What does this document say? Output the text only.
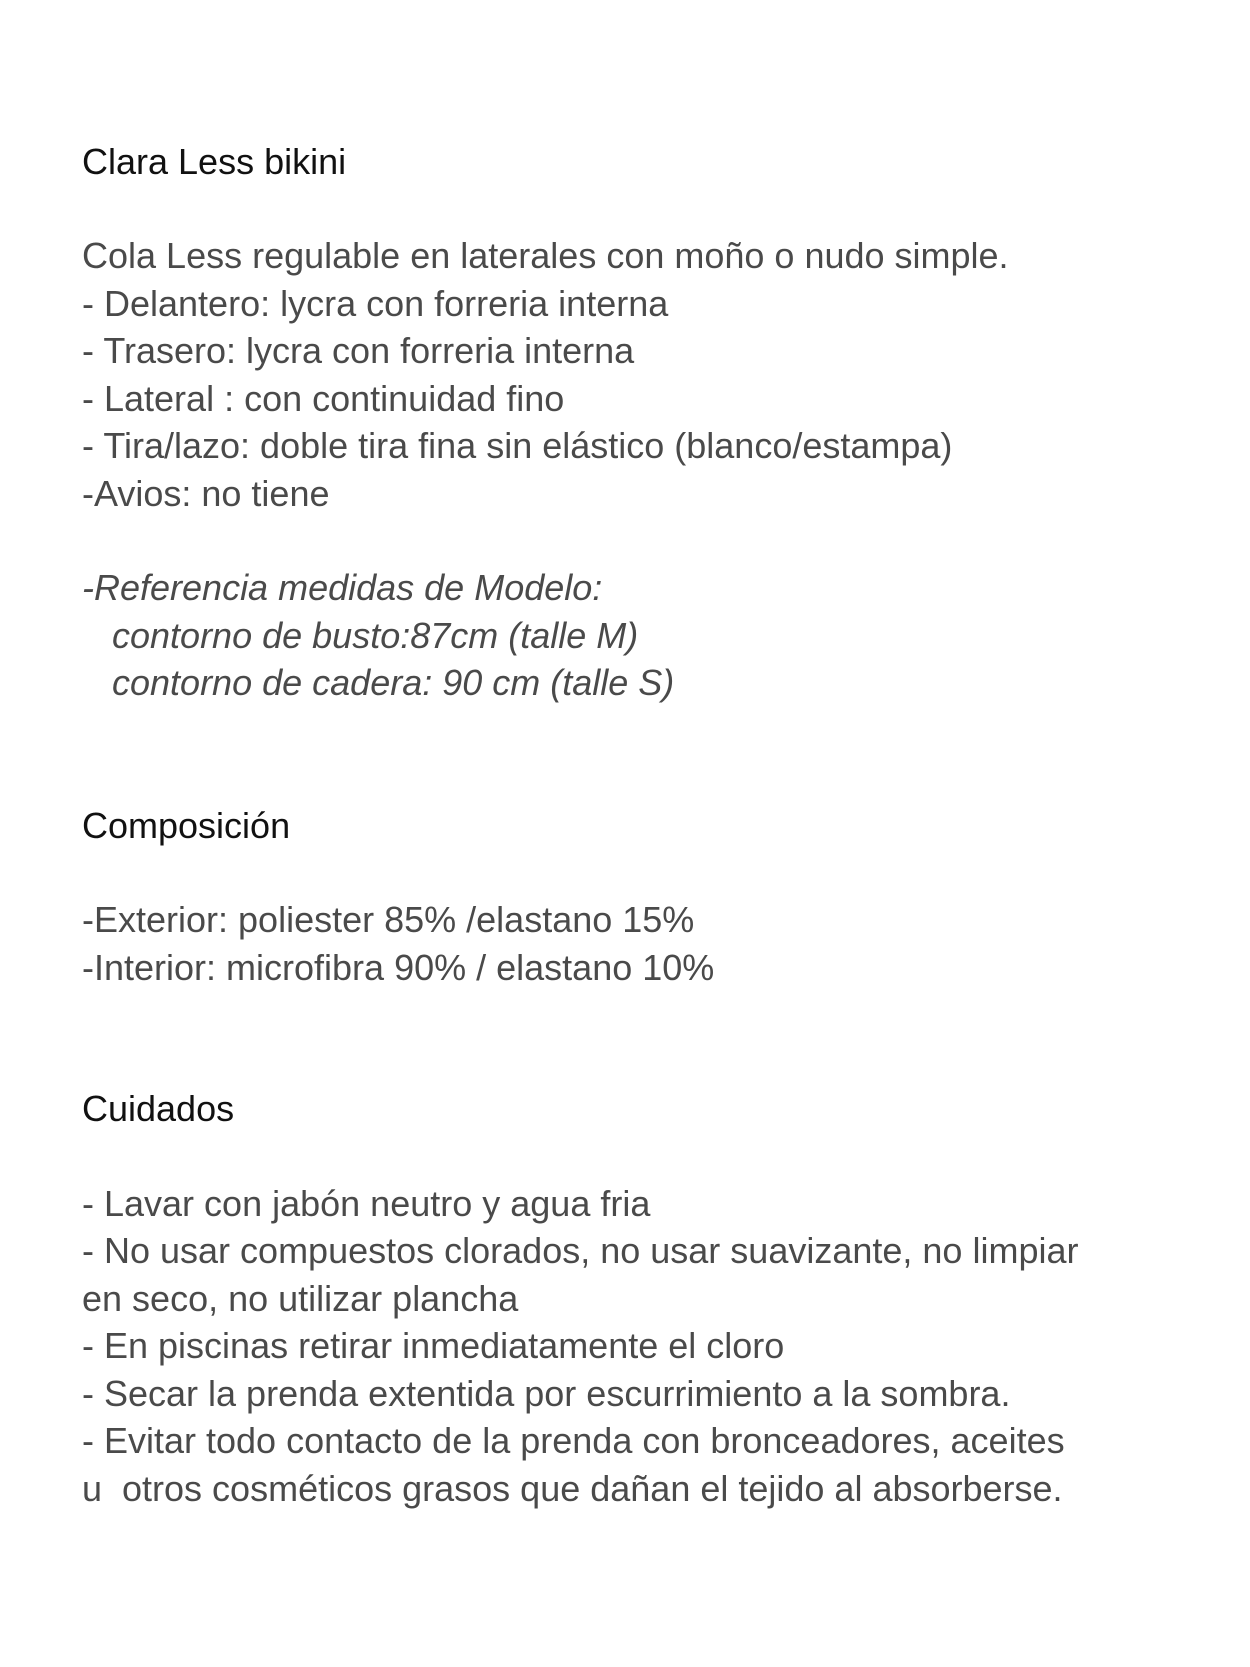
Clara Less bikini
Cola Less regulable en laterales con moño o nudo simple.
- Delantero: lycra con forreria interna
- Trasero: lycra con forreria interna
- Lateral : con continuidad fino
- Tira/lazo: doble tira fina sin elástico (blanco/estampa)
-Avios: no tiene
-Referencia medidas de Modelo:
contorno de busto:87cm (talle M)
contorno de cadera: 90 cm (talle S)
Composición
-Exterior: poliester 85% /elastano 15%
-Interior: microfibra 90% / elastano 10%
Cuidados
- Lavar con jabón neutro y agua fria
- No usar compuestos clorados, no usar suavizante, no limpiar
en seco, no utilizar plancha
- En piscinas retirar inmediatamente el cloro
- Secar la prenda extentida por escurrimiento a la sombra.
- Evitar todo contacto de la prenda con bronceadores, aceites
u  otros cosméticos grasos que dañan el tejido al absorberse.
